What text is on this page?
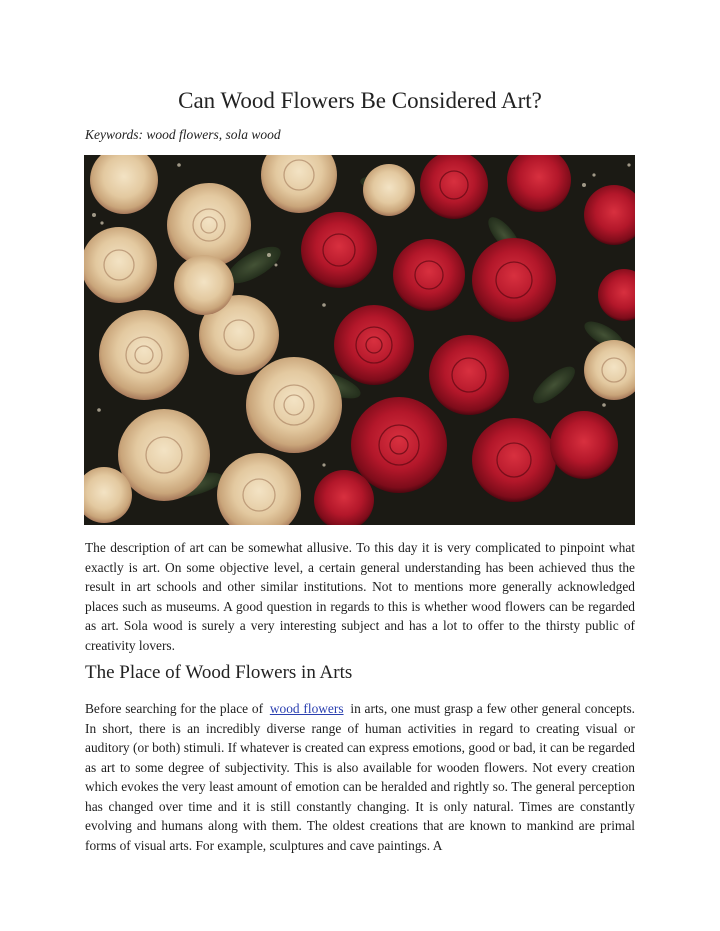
Can Wood Flowers Be Considered Art?
Keywords: wood flowers, sola wood

The description of art can be somewhat allusive. To this day it is very complicated to pinpoint what exactly is art. On some objective level, a certain general understanding has been achieved thus the result in art schools and other similar institutions. Not to mentions more generally acknowledged places such as museums. A good question in regards to this is whether wood flowers can be regarded as art. Sola wood is surely a very interesting subject and has a lot to offer to the thirsty public of creativity lovers.

The Place of Wood Flowers in Arts

Before searching for the place of wood flowers in arts, one must grasp a few other general concepts. In short, there is an incredibly diverse range of human activities in regard to creating visual or auditory (or both) stimuli. If whatever is created can express emotions, good or bad, it can be regarded as art to some degree of subjectivity. This is also available for wooden flowers. Not every creation which evokes the very least amount of emotion can be heralded and rightly so. The general perception has changed over time and it is still constantly changing. It is only natural. Times are constantly evolving and humans along with them. The oldest creations that are known to mankind are primal forms of visual arts. For example, sculptures and cave paintings. A
